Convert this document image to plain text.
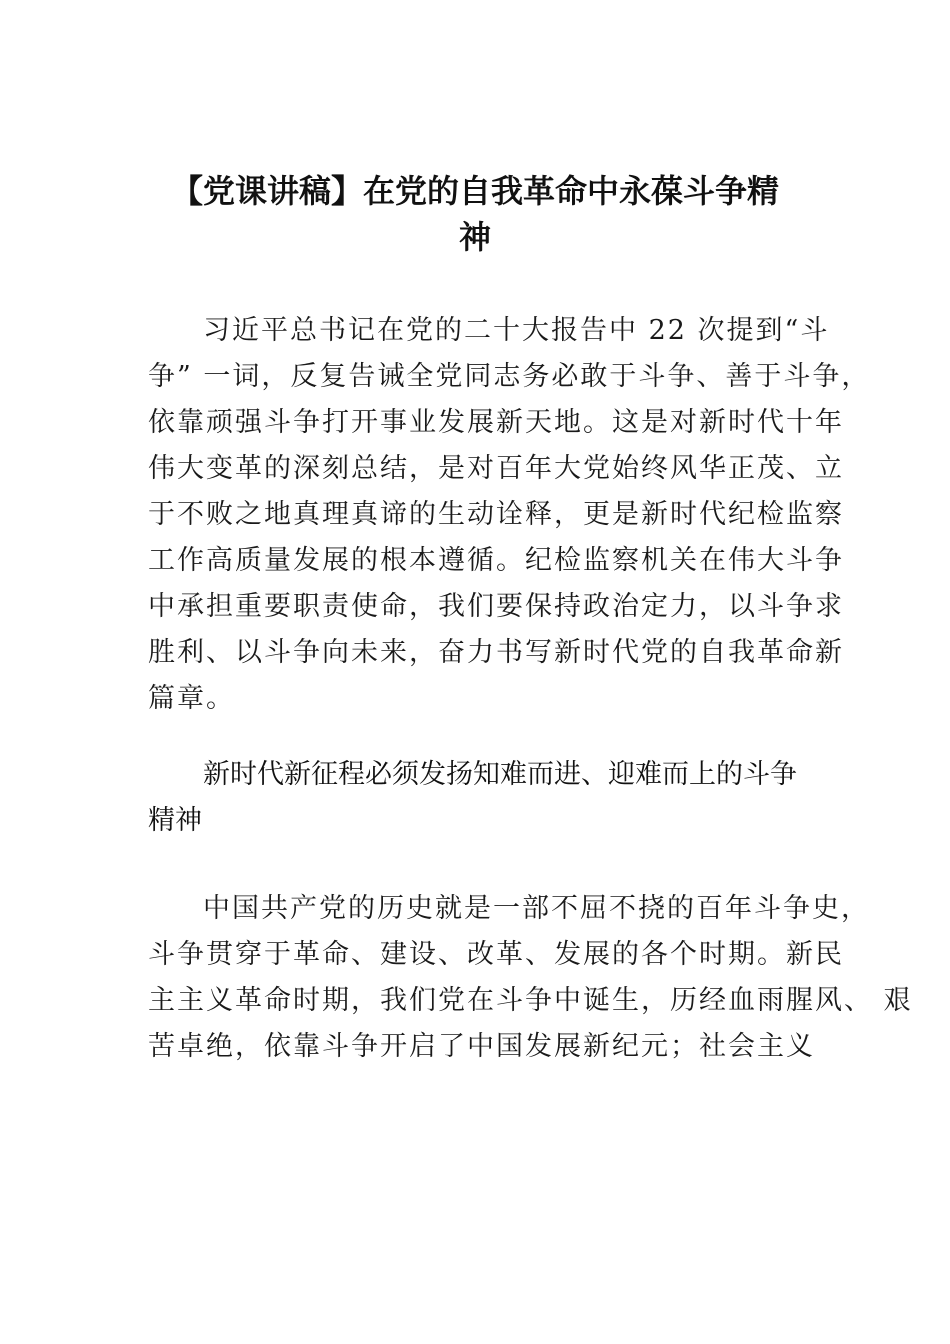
【党课讲稿】在党的自我革命中永葆斗争精
神

习近平总书记在党的二十大报告中 22 次提到“斗

争” 一词，反复告诫全党同志务必敢于斗争、善于斗争，

依靠顽强斗争打开事业发展新天地。这是对新时代十年

伟大变革的深刻总结，是对百年大党始终风华正茂、立

于不败之地真理真谛的生动诠释，更是新时代纪检监察

工作高质量发展的根本遵循。纪检监察机关在伟大斗争

中承担重要职责使命，我们要保持政治定力，以斗争求

胜利、以斗争向未来，奋力书写新时代党的自我革命新

篇章。

新时代新征程必须发扬知难而进、迎难而上的斗争

精神

中国共产党的历史就是一部不屈不挠的百年斗争史，

斗争贯穿于革命、建设、改革、发展的各个时期。新民

主主义革命时期，我们党在斗争中诞生，历经血雨腥风、 艰

苦卓绝，依靠斗争开启了中国发展新纪元；社会主义
